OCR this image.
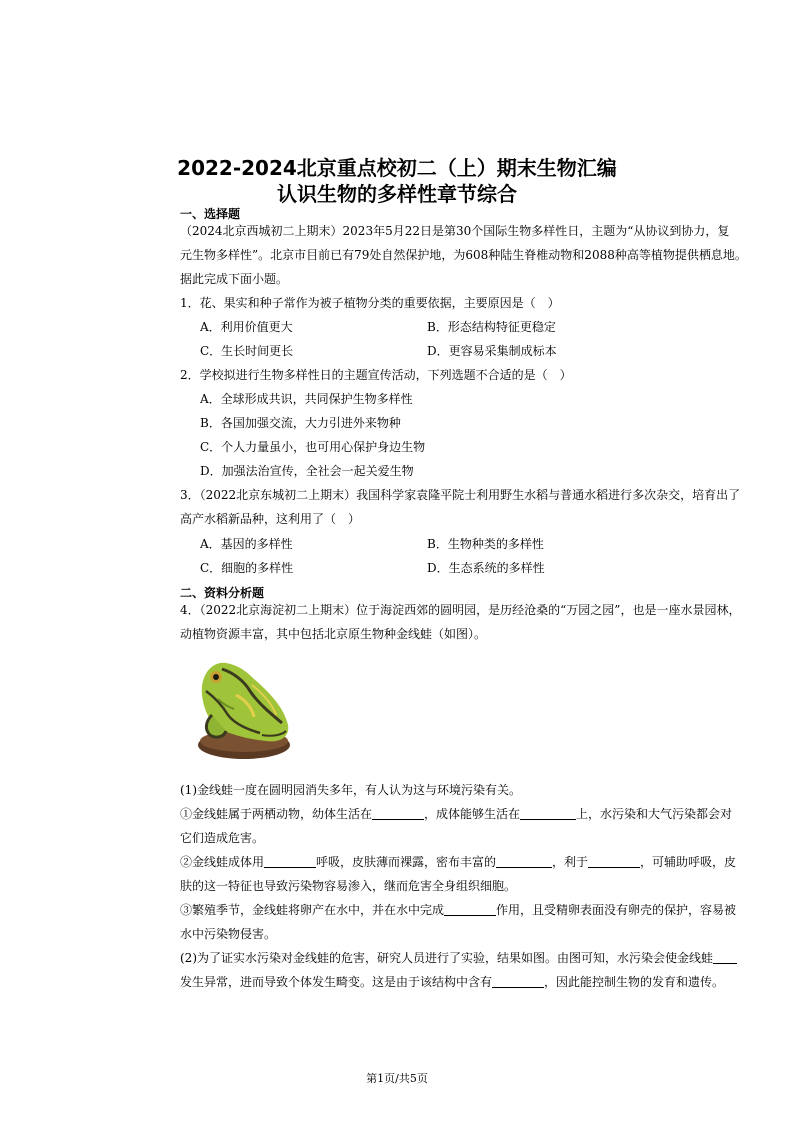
2022-2024北京重点校初二（上）期末生物汇编
认识生物的多样性章节综合
一、选择题
（2024北京西城初二上期末）2023年5月22日是第30个国际生物多样性日，主题为“从协议到协力，复
元生物多样性”。北京市目前已有79处自然保护地，为608种陆生脊椎动物和2088种高等植物提供栖息地。
据此完成下面小题。
1．花、果实和种子常作为被子植物分类的重要依据，主要原因是（　）
A．利用价值更大	B．形态结构特征更稳定
C．生长时间更长	D．更容易采集制成标本
2．学校拟进行生物多样性日的主题宣传活动，下列选题不合适的是（　）
A．全球形成共识，共同保护生物多样性
B．各国加强交流，大力引进外来物种
C．个人力量虽小，也可用心保护身边生物
D．加强法治宣传，全社会一起关爱生物
3．（2022北京东城初二上期末）我国科学家袁隆平院士利用野生水稻与普通水稻进行多次杂交，培育出了
高产水稻新品种，这利用了（　）
A．基因的多样性	B．生物种类的多样性
C．细胞的多样性	D．生态系统的多样性
二、资料分析题
4．（2022北京海淀初二上期末）位于海淀西郊的圆明园，是历经沧桑的“万园之园”，也是一座水景园林，
动植物资源丰富，其中包括北京原生物种金线蛙（如图）。
(1)金线蛙一度在圆明园消失多年，有人认为这与环境污染有关。
①金线蛙属于两栖动物，幼体生活在	，成体能够生活在	上，水污染和大气污染都会对
它们造成危害。
②金线蛙成体用	呼吸，皮肤薄而裸露，密布丰富的	，利于	，可辅助呼吸，皮
肤的这一特征也导致污染物容易渗入，继而危害全身组织细胞。
③繁殖季节，金线蛙将卵产在水中，并在水中完成	作用，且受精卵表面没有卵壳的保护，容易被
水中污染物侵害。
(2)为了证实水污染对金线蛙的危害，研究人员进行了实验，结果如图。由图可知，水污染会使金线蛙
发生异常，进而导致个体发生畸变。这是由于该结构中含有	，因此能控制生物的发育和遗传。
第1页/共5页
